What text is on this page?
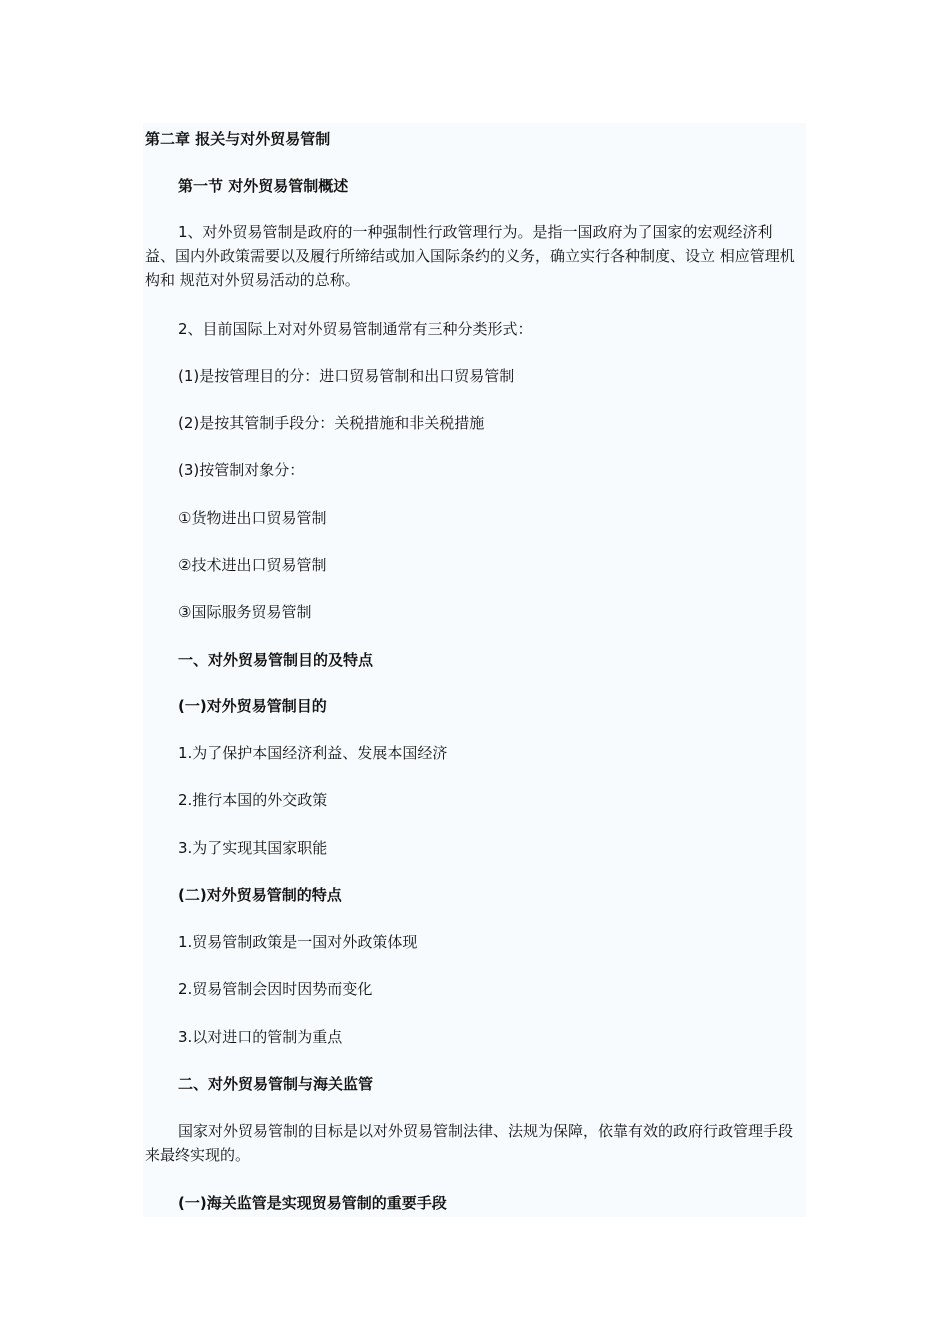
第二章 报关与对外贸易管制

第一节 对外贸易管制概述

1、对外贸易管制是政府的一种强制性行政管理行为。是指一国政府为了国家的宏观经济利益、国内外政策需要以及履行所缔结或加入国际条约的义务，确立实行各种制度、设立 相应管理机构和 规范对外贸易活动的总称。

2、目前国际上对对外贸易管制通常有三种分类形式：

(1)是按管理目的分：进口贸易管制和出口贸易管制

(2)是按其管制手段分：关税措施和非关税措施

(3)按管制对象分：

①货物进出口贸易管制

②技术进出口贸易管制

③国际服务贸易管制

一、对外贸易管制目的及特点

(一)对外贸易管制目的

1.为了保护本国经济利益、发展本国经济

2.推行本国的外交政策

3.为了实现其国家职能

(二)对外贸易管制的特点

1.贸易管制政策是一国对外政策体现

2.贸易管制会因时因势而变化

3.以对进口的管制为重点

二、对外贸易管制与海关监管

国家对外贸易管制的目标是以对外贸易管制法律、法规为保障，依靠有效的政府行政管理手段来最终实现的。

(一)海关监管是实现贸易管制的重要手段
